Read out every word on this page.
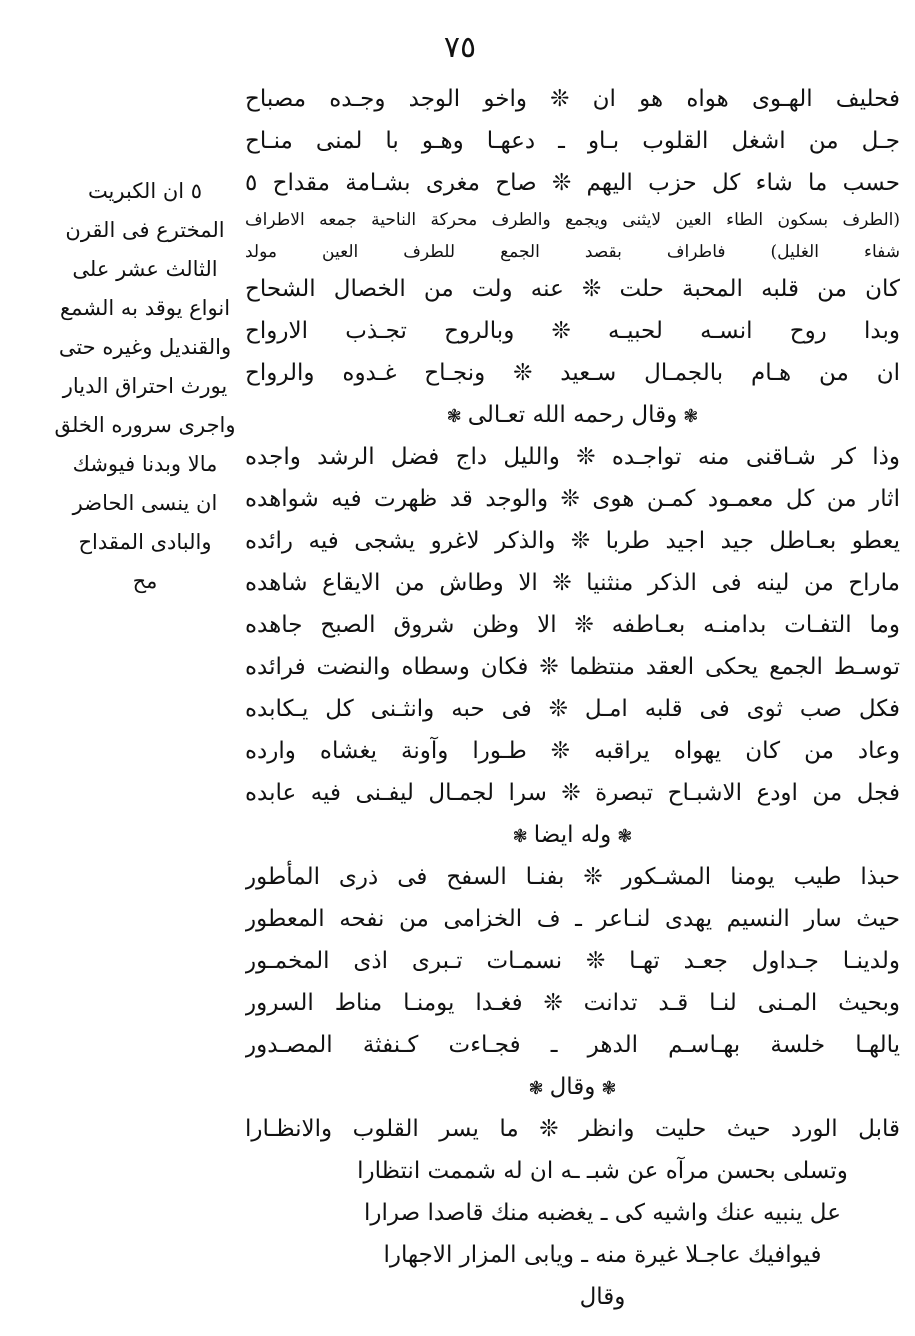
٧٥
فحليف الهـوى هواه هو ان ❊ واخو الوجد وجـده مصباح
جـل من اشغل القلوب بـاو ـ دعهـا وهـو با لمنى منـاح
حسب ما شاء كل حزب اليهم ❊ صاح مغرى بشـامة مقداح ٥
(الطرف بسكون الطاء العين لايثنى ويجمع والطرف محركة الناحية جمعه الاطراف
شفاء الغليل) فاطراف بقصد الجمع للطرف العين مولد
كان من قلبه المحبة حلت ❊ عنه ولت من الخصال الشحاح
وبدا روح انسـه لحبيـه ❊ وبالروح تجـذب الارواح
ان من هـام بالجمـال سـعيد ❊ ونجـاح غـدوه والرواح
❃وقال رحمه الله تعـالى❃
وذا كر شـاقنى منه تواجـده ❊ والليل داج فضل الرشد واجده
اثار من كل معمـود كمـن هوى ❊ والوجد قد ظهرت فيه شواهده
يعطو بعـاطل جيد اجيد طربا ❊ والذكر لاغرو يشجى فيه رائده
ماراح من لينه فى الذكر منثنيا ❊ الا وطاش من الايقاع شاهده
وما التفـات بدامنـه بعـاطفه ❊ الا وظن شروق الصبح جاهده
توسـط الجمع يحكى العقد منتظما ❊ فكان وسطاه والنضت فرائده
فكل صب ثوى فى قلبه امـل ❊ فى حبه وانثـنى كل يـكابده
وعاد من كان يهواه يراقبه ❊ طـورا وآونة يغشاه وارده
فجل من اودع الاشبـاح تبصرة ❊ سرا لجمـال ليفـنى فيه عابده
❃وله ايضا❃
حبذا طيب يومنا المشـكور ❊ بفنـا السفح فى ذرى المأطور
حيث سار النسيم يهدى لنـاعر ـ ف الخزامى من نفحه المعطور
ولدينـا جـداول جعـد تهـا ❊ نسمـات تـبرى اذى المخمـور
وبحيث المـنى لنـا قـد تدانت ❊ فغـدا يومنـا مناط السرور
يالهـا خلسة بهـاسـم الدهر ـ فجـاءت كـنفثة المصـدور
❃وقال❃
قابل الورد حيث حليت وانظر ❊ ما يسر القلوب والانظـارا
وتسلى بحسن مرآه عن شبـ ـه ان له شممت انتظارا
عل ينبيه عنك واشيه كى ـ يغضبه منك قاصدا صرارا
فيوافيك عاجـلا غيرة منه ـ ويابى المزار الاجهارا
وقال
٥ ان الكبريت
المخترع فى القرن
الثالث عشر على
انواع يوقد به الشمع
والقنديل وغيره حتى
يورث احتراق الديار
واجرى سروره الخلق
مالا وبدنا فيوشك
ان ينسى الحاضر
والبادى المقداح
مح
